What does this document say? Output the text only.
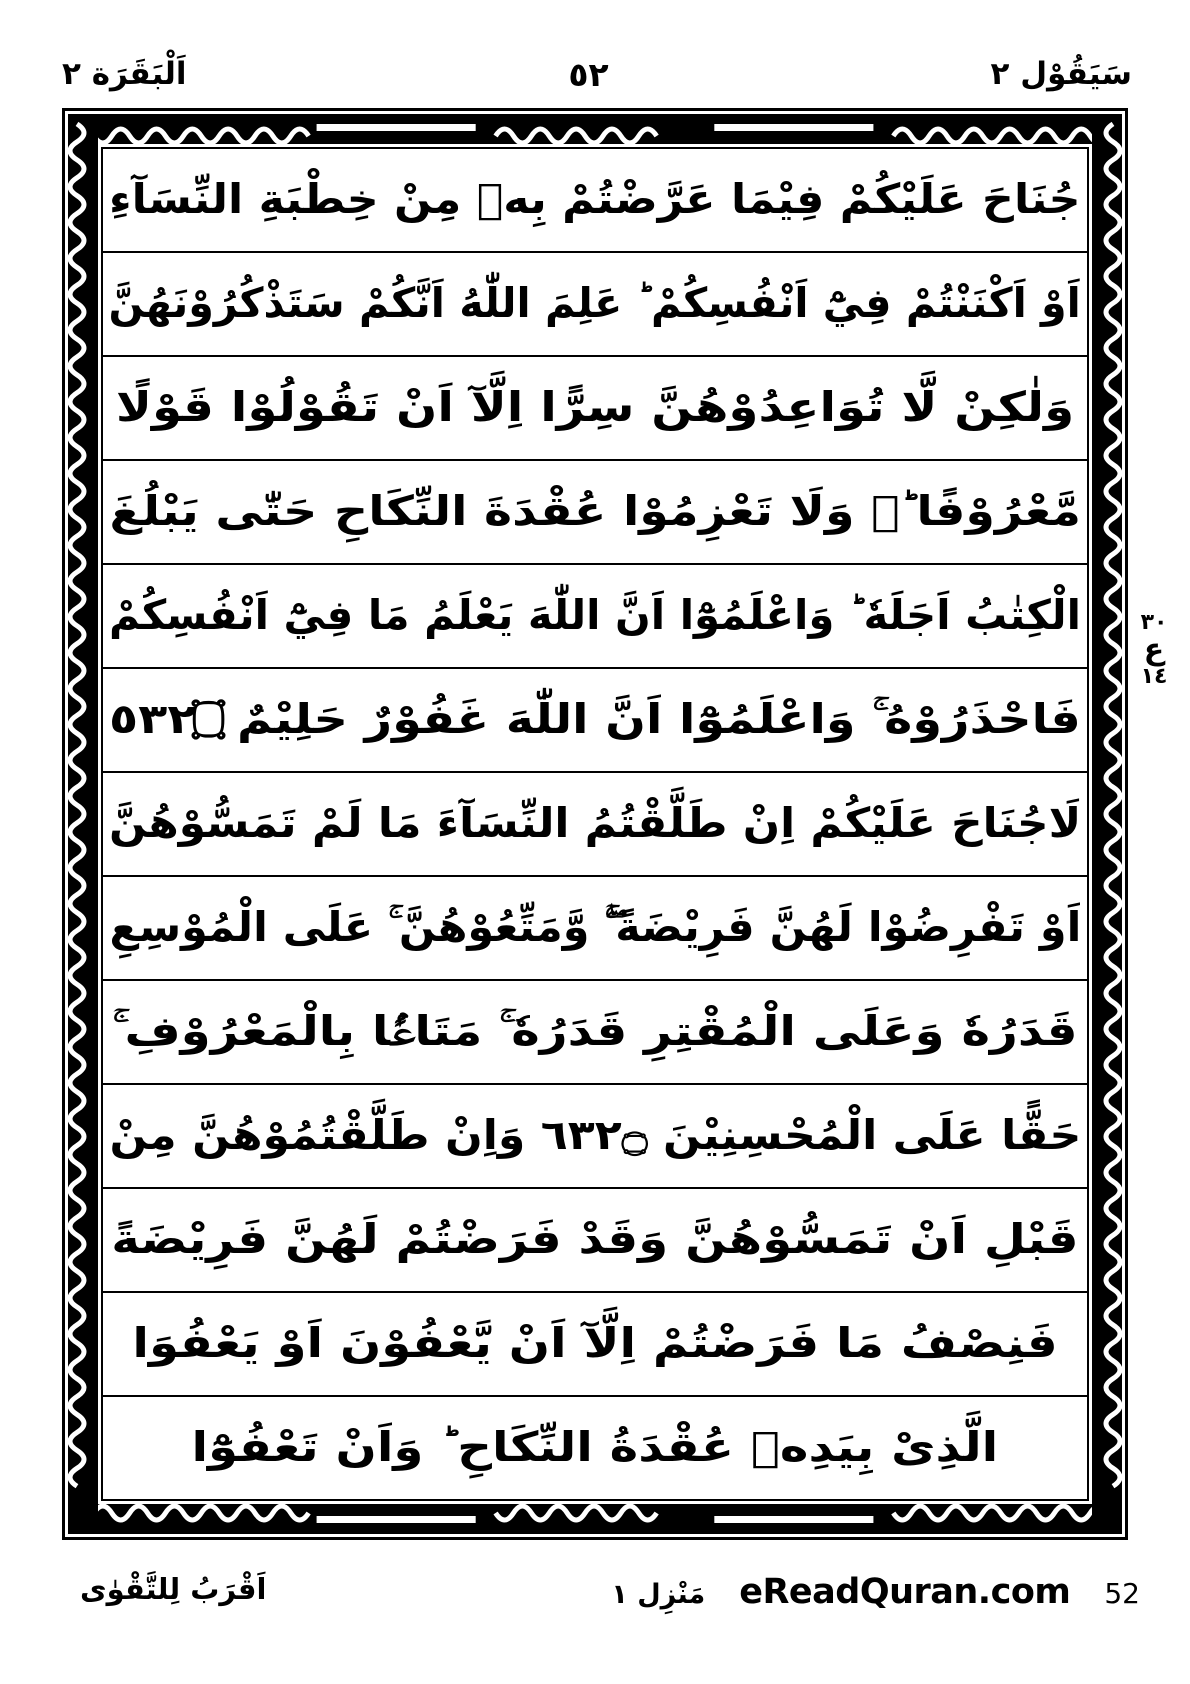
اَلْبَقَرَة ٢	٥٢	سَيَقُوْل ٢
جُنَاحَ عَلَيْكُمْ فِيْمَا عَرَّضْتُمْ بِهٖ مِنْ خِطْبَةِ النِّسَآءِ
اَوْ اَكْنَنْتُمْ فِيْٓ اَنْفُسِكُمْ ؕ عَلِمَ اللّٰهُ اَنَّكُمْ سَتَذْكُرُوْنَهُنَّ
وَلٰكِنْ لَّا تُوَاعِدُوْهُنَّ سِرًّا اِلَّآ اَنْ تَقُوْلُوْا قَوْلًا
مَّعْرُوْفًا ؕ۬ وَلَا تَعْزِمُوْا عُقْدَةَ النِّكَاحِ حَتّٰى يَبْلُغَ
الْكِتٰبُ اَجَلَهٗ ؕ وَاعْلَمُوْٓا اَنَّ اللّٰهَ يَعْلَمُ مَا فِيْٓ اَنْفُسِكُمْ
فَاحْذَرُوْهُ ۚ وَاعْلَمُوْٓا اَنَّ اللّٰهَ غَفُوْرٌ حَلِيْمٌ ۝٢٣٥
لَاجُنَاحَ عَلَيْكُمْ اِنْ طَلَّقْتُمُ النِّسَآءَ مَا لَمْ تَمَسُّوْهُنَّ
اَوْ تَفْرِضُوْا لَهُنَّ فَرِيْضَةً ۚۖ وَّمَتِّعُوْهُنَّ ۚ عَلَى الْمُوْسِعِ
قَدَرُهٗ وَعَلَى الْمُقْتِرِ قَدَرُهٗ ۚ مَتَاعًۢا بِالْمَعْرُوْفِ ۚ
حَقًّا عَلَى الْمُحْسِنِيْنَ ۝٢٣٦ وَاِنْ طَلَّقْتُمُوْهُنَّ مِنْ
قَبْلِ اَنْ تَمَسُّوْهُنَّ وَقَدْ فَرَضْتُمْ لَهُنَّ فَرِيْضَةً
فَنِصْفُ مَا فَرَضْتُمْ اِلَّآ اَنْ يَّعْفُوْنَ اَوْ يَعْفُوَا
الَّذِىْ بِيَدِهٖ عُقْدَةُ النِّكَاحِ ؕ وَاَنْ تَعْفُوْٓا
٣٠
ع
١٤
اَقْرَبُ لِلتَّقْوٰى	مَنْزِل ١ eReadQuran.com 52
